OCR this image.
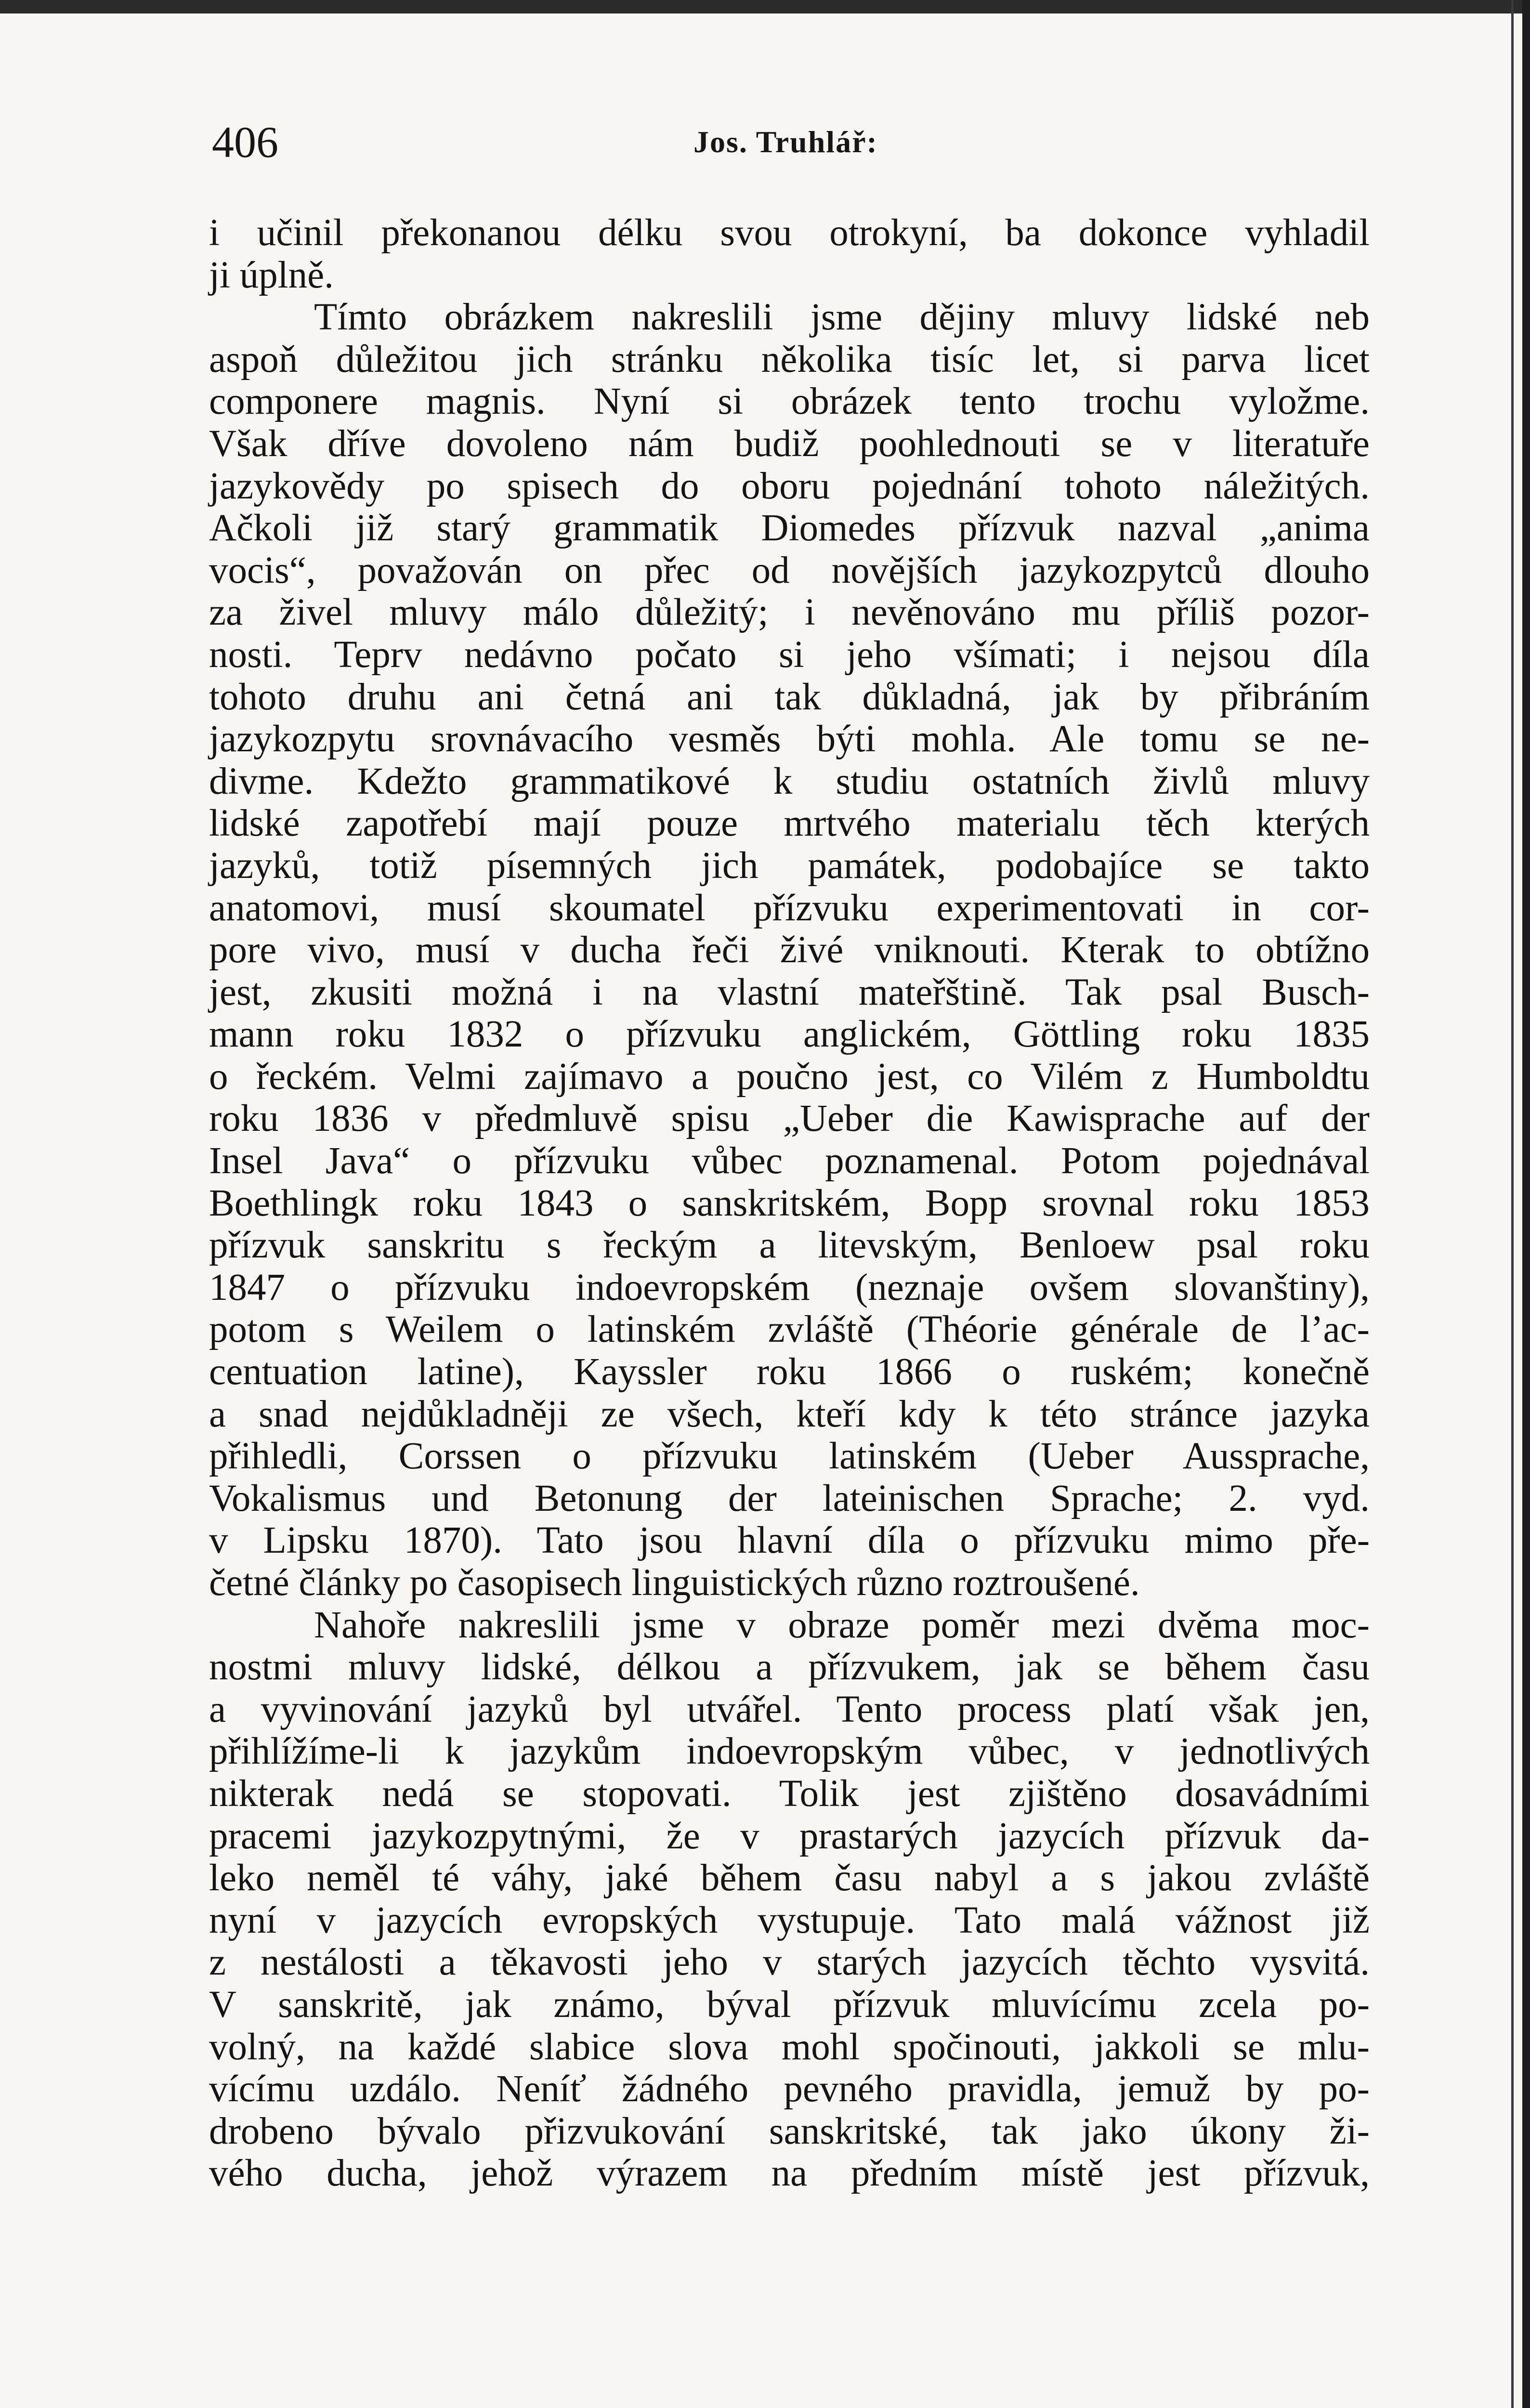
406	Jos. Truhlář:
i učinil překonanou délku svou otrokyní, ba dokonce vyhladil
ji úplně.
Tímto obrázkem nakreslili jsme dějiny mluvy lidské neb
aspoň důležitou jich stránku několika tisíc let, si parva licet
componere magnis. Nyní si obrázek tento trochu vyložme.
Však dříve dovoleno nám budiž poohlednouti se v literatuře
jazykovědy po spisech do oboru pojednání tohoto náležitých.
Ačkoli již starý grammatik Diomedes přízvuk nazval „anima
vocis“, považován on přec od novějších jazykozpytců dlouho
za živel mluvy málo důležitý; i nevěnováno mu příliš pozor-
nosti. Teprv nedávno počato si jeho všímati; i nejsou díla
tohoto druhu ani četná ani tak důkladná, jak by přibráním
jazykozpytu srovnávacího vesměs býti mohla. Ale tomu se ne-
divme. Kdežto grammatikové k studiu ostatních živlů mluvy
lidské zapotřebí mají pouze mrtvého materialu těch kterých
jazyků, totiž písemných jich památek, podobajíce se takto
anatomovi, musí skoumatel přízvuku experimentovati in cor-
pore vivo, musí v ducha řeči živé vniknouti. Kterak to obtížno
jest, zkusiti možná i na vlastní mateřštině. Tak psal Busch-
mann roku 1832 o přízvuku anglickém, Göttling roku 1835
o řeckém. Velmi zajímavo a poučno jest, co Vilém z Humboldtu
roku 1836 v předmluvě spisu „Ueber die Kawisprache auf der
Insel Java“ o přízvuku vůbec poznamenal. Potom pojednával
Boethlingk roku 1843 o sanskritském, Bopp srovnal roku 1853
přízvuk sanskritu s řeckým a litevským, Benloew psal roku
1847 o přízvuku indoevropském (neznaje ovšem slovanštiny),
potom s Weilem o latinském zvláště (Théorie générale de l’ac-
centuation latine), Kayssler roku 1866 o ruském; konečně
a snad nejdůkladněji ze všech, kteří kdy k této stránce jazyka
přihledli, Corssen o přízvuku latinském (Ueber Aussprache,
Vokalismus und Betonung der lateinischen Sprache; 2. vyd.
v Lipsku 1870). Tato jsou hlavní díla o přízvuku mimo pře-
četné články po časopisech linguistických různo roztroušené.
Nahoře nakreslili jsme v obraze poměr mezi dvěma moc-
nostmi mluvy lidské, délkou a přízvukem, jak se během času
a vyvinování jazyků byl utvářel. Tento process platí však jen,
přihlížíme-li k jazykům indoevropským vůbec, v jednotlivých
nikterak nedá se stopovati. Tolik jest zjištěno dosavádními
pracemi jazykozpytnými, že v prastarých jazycích přízvuk da-
leko neměl té váhy, jaké během času nabyl a s jakou zvláště
nyní v jazycích evropských vystupuje. Tato malá vážnost již
z nestálosti a těkavosti jeho v starých jazycích těchto vysvitá.
V sanskritě, jak známo, býval přízvuk mluvícímu zcela po-
volný, na každé slabice slova mohl spočinouti, jakkoli se mlu-
vícímu uzdálo. Neníť žádného pevného pravidla, jemuž by po-
drobeno bývalo přizvukování sanskritské, tak jako úkony ži-
vého ducha, jehož výrazem na předním místě jest přízvuk,
